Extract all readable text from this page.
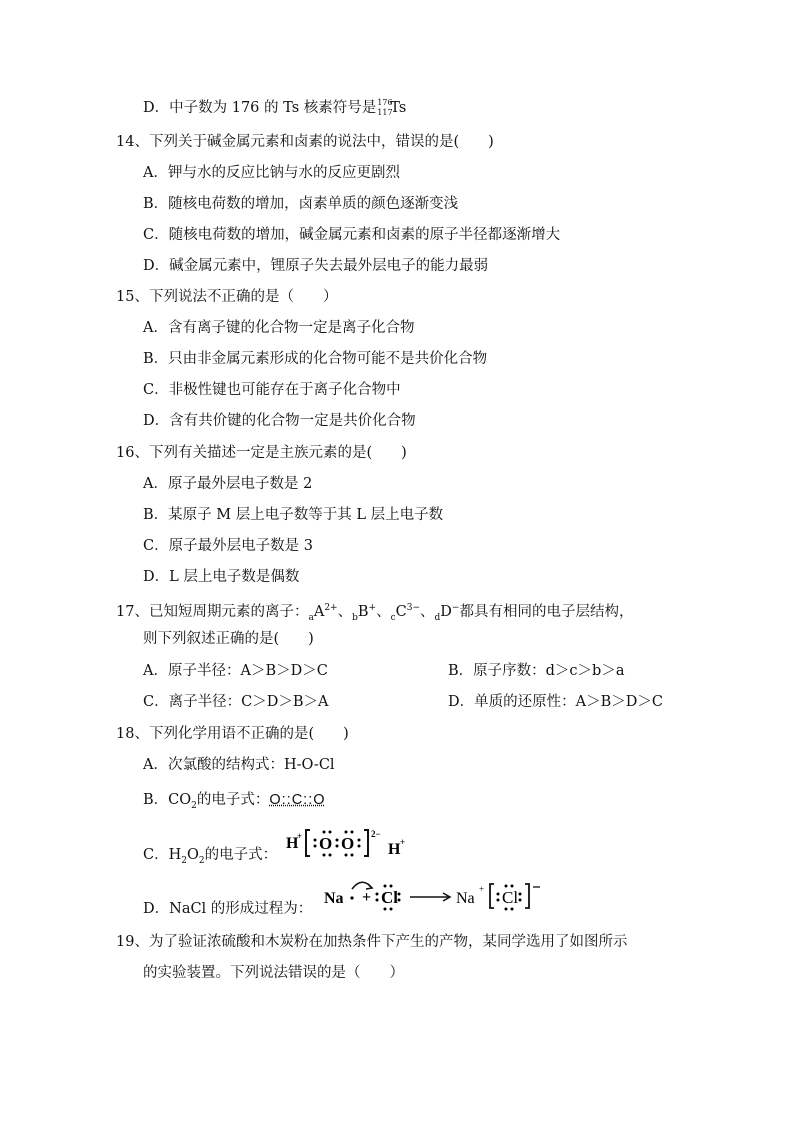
D．中子数为 176 的 Ts 核素符号是 176
117
Ts
14、下列关于碱金属元素和卤素的说法中，错误的是(　　)
A．钾与水的反应比钠与水的反应更剧烈
B．随核电荷数的增加，卤素单质的颜色逐渐变浅
C．随核电荷数的增加，碱金属元素和卤素的原子半径都逐渐增大
D．碱金属元素中，锂原子失去最外层电子的能力最弱
15、下列说法不正确的是（　　）
A．含有离子键的化合物一定是离子化合物
B．只由非金属元素形成的化合物可能不是共价化合物
C．非极性键也可能存在于离子化合物中
D．含有共价键的化合物一定是共价化合物
16、下列有关描述一定是主族元素的是(　　)
A．原子最外层电子数是 2
B．某原子 M 层上电子数等于其 L 层上电子数
C．原子最外层电子数是 3
D．L 层上电子数是偶数
17、已知短周期元素的离子：$_aA^{2+}$、$_b$B+、$_cC^{3-}$、$_d$D−都具有相同的电子层结构，
则下列叙述正确的是(　　)
A．原子半径：A＞B＞D＞C	B．原子序数：d＞c＞b＞a
C．离子半径：C＞D＞B＞A	D．单质的还原性：A＞B＞D＞C
18、下列化学用语不正确的是(　　)
A．次氯酸的结构式：H-O-Cl
B．$CO_2$的电子式：O::C::O
C．$H_2O_2$的电子式：
H
+ O O 2−
H +
D．NaCl 的形成过程为：
Na + Cl	Na
+ Cl
19、为了验证浓硫酸和木炭粉在加热条件下产生的产物，某同学选用了如图所示
的实验装置。下列说法错误的是（　　）
